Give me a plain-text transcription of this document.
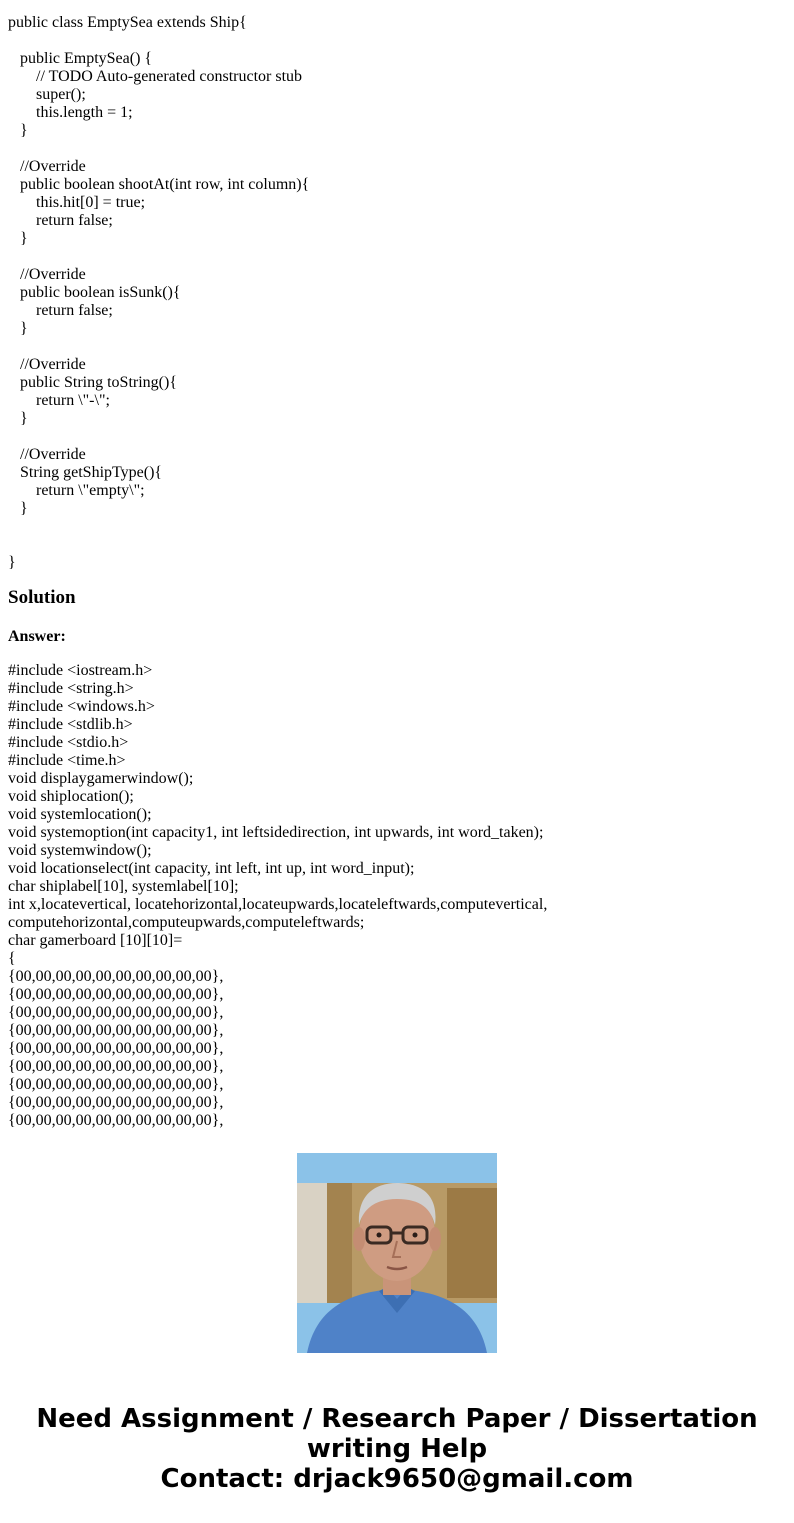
public class EmptySea extends Ship{
public EmptySea() {
// TODO Auto-generated constructor stub
super();
this.length = 1;
}
//Override
public boolean shootAt(int row, int column){
this.hit[0] = true;
return false;
}
//Override
public boolean isSunk(){
return false;
}
//Override
public String toString(){
return \"-\";
}
//Override
String getShipType(){
return \"empty\";
}
}
Solution

Answer:

#include <iostream.h>
#include <string.h>
#include <windows.h>
#include <stdlib.h>
#include <stdio.h>
#include <time.h>
void displaygamerwindow();
void shiplocation();
void systemlocation();
void systemoption(int capacity1, int leftsidedirection, int upwards, int word_taken);
void systemwindow();
void locationselect(int capacity, int left, int up, int word_input);
char shiplabel[10], systemlabel[10];
int x,locatevertical, locatehorizontal,locateupwards,locateleftwards,computevertical,
computehorizontal,computeupwards,computeleftwards;
char gamerboard [10][10]=
{
{00,00,00,00,00,00,00,00,00,00},
{00,00,00,00,00,00,00,00,00,00},
{00,00,00,00,00,00,00,00,00,00},
{00,00,00,00,00,00,00,00,00,00},
{00,00,00,00,00,00,00,00,00,00},
{00,00,00,00,00,00,00,00,00,00},
{00,00,00,00,00,00,00,00,00,00},
{00,00,00,00,00,00,00,00,00,00},
{00,00,00,00,00,00,00,00,00,00},
Need Assignment / Research Paper / Dissertation
writing Help
Contact: drjack9650@gmail.com
